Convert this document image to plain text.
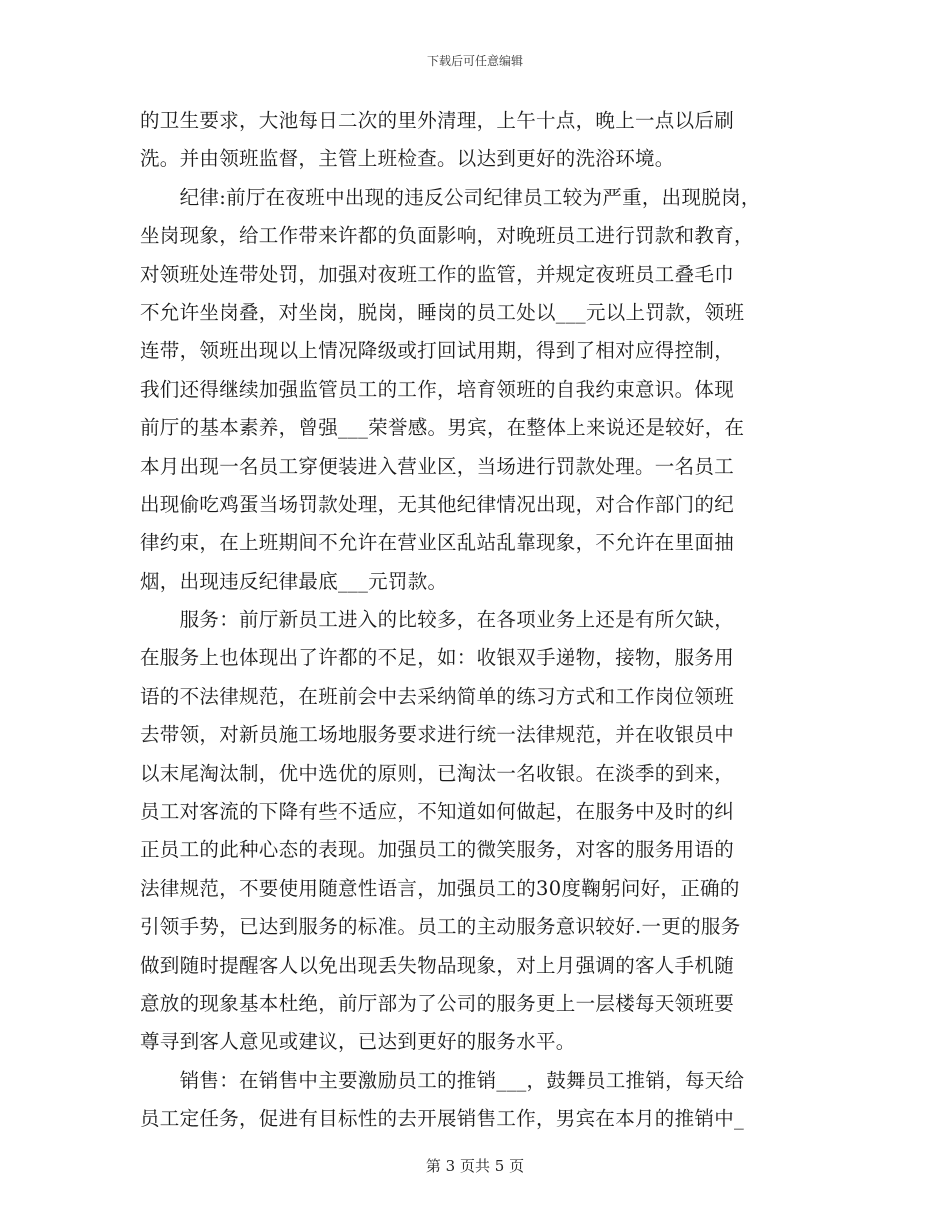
下载后可任意编辑
的卫生要求，大池每日二次的里外清理，上午十点，晚上一点以后刷
洗。并由领班监督，主管上班检查。以达到更好的洗浴环境。
　　纪律:前厅在夜班中出现的违反公司纪律员工较为严重，出现脱岗，
坐岗现象，给工作带来许都的负面影响，对晚班员工进行罚款和教育，
对领班处连带处罚，加强对夜班工作的监管，并规定夜班员工叠毛巾
不允许坐岗叠，对坐岗，脱岗，睡岗的员工处以___元以上罚款，领班
连带，领班出现以上情况降级或打回试用期，得到了相对应得控制，
我们还得继续加强监管员工的工作，培育领班的自我约束意识。体现
前厅的基本素养，曾强___荣誉感。男宾，在整体上来说还是较好，在
本月出现一名员工穿便装进入营业区，当场进行罚款处理。一名员工
出现偷吃鸡蛋当场罚款处理，无其他纪律情况出现，对合作部门的纪
律约束，在上班期间不允许在营业区乱站乱靠现象，不允许在里面抽
烟，出现违反纪律最底___元罚款。
　　服务：前厅新员工进入的比较多，在各项业务上还是有所欠缺，
在服务上也体现出了许都的不足，如：收银双手递物，接物，服务用
语的不法律规范，在班前会中去采纳简单的练习方式和工作岗位领班
去带领，对新员施工场地服务要求进行统一法律规范，并在收银员中
以末尾淘汰制，优中选优的原则，已淘汰一名收银。在淡季的到来，
员工对客流的下降有些不适应，不知道如何做起，在服务中及时的纠
正员工的此种心态的表现。加强员工的微笑服务，对客的服务用语的
法律规范，不要使用随意性语言，加强员工的30度鞠躬问好，正确的
引领手势，已达到服务的标准。员工的主动服务意识较好.一更的服务
做到随时提醒客人以免出现丢失物品现象，对上月强调的客人手机随
意放的现象基本杜绝，前厅部为了公司的服务更上一层楼每天领班要
尊寻到客人意见或建议，已达到更好的服务水平。
　　销售：在销售中主要激励员工的推销___，鼓舞员工推销，每天给
员工定任务，促进有目标性的去开展销售工作，男宾在本月的推销中_
第 3 页共 5 页
